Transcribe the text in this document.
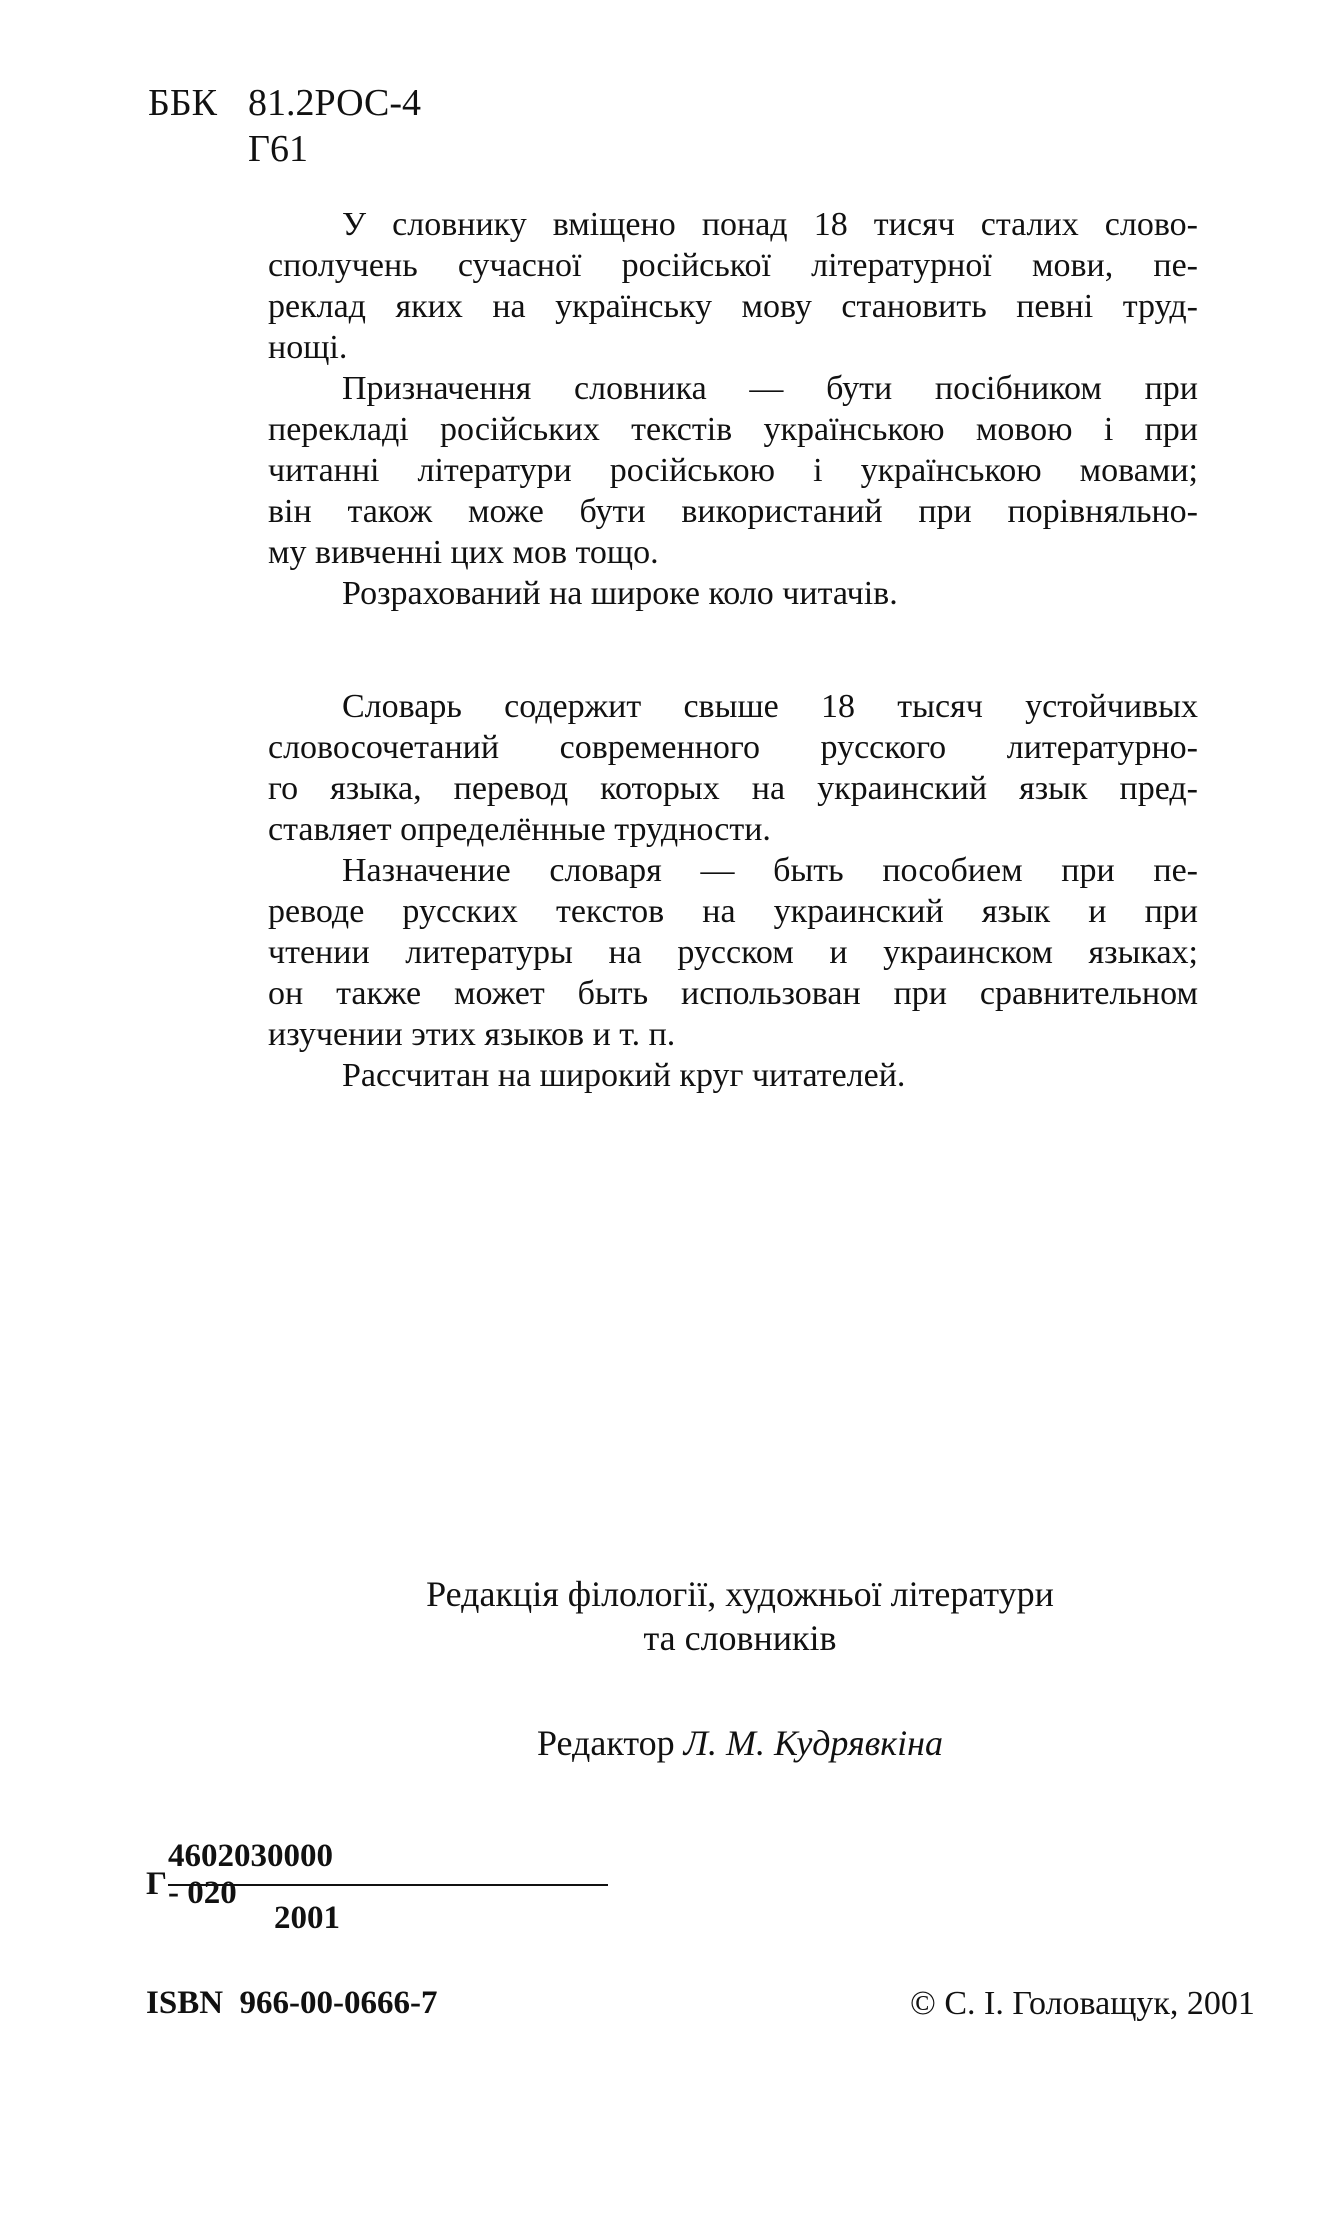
ББК 81.2РОС-4
Г61
У словнику вміщено понад 18 тисяч сталих слово-
сполучень сучасної російської літературної мови, пе-
реклад яких на українську мову становить певні труд-
нощі.
Призначення словника — бути посібником при
перекладі російських текстів українською мовою і при
читанні літератури російською і українською мовами;
він також може бути використаний при порівняльно-
му вивченні цих мов тощо.
Розрахований на широке коло читачів.
Словарь содержит свыше 18 тысяч устойчивых
словосочетаний современного русского литературно-
го языка, перевод которых на украинский язык пред-
ставляет определённые трудности.
Назначение словаря — быть пособием при пе-
реводе русских текстов на украинский язык и при
чтении литературы на русском и украинском языках;
он также может быть использован при сравнительном
изучении этих языков и т. п.
Рассчитан на широкий круг читателей.
Редакція філології, художньої літератури
та словників
Редактор Л. М. Кудрявкіна
Г
4602030000 - 020
2001
ISBN  966-00-0666-7	© С. І. Головащук, 2001
